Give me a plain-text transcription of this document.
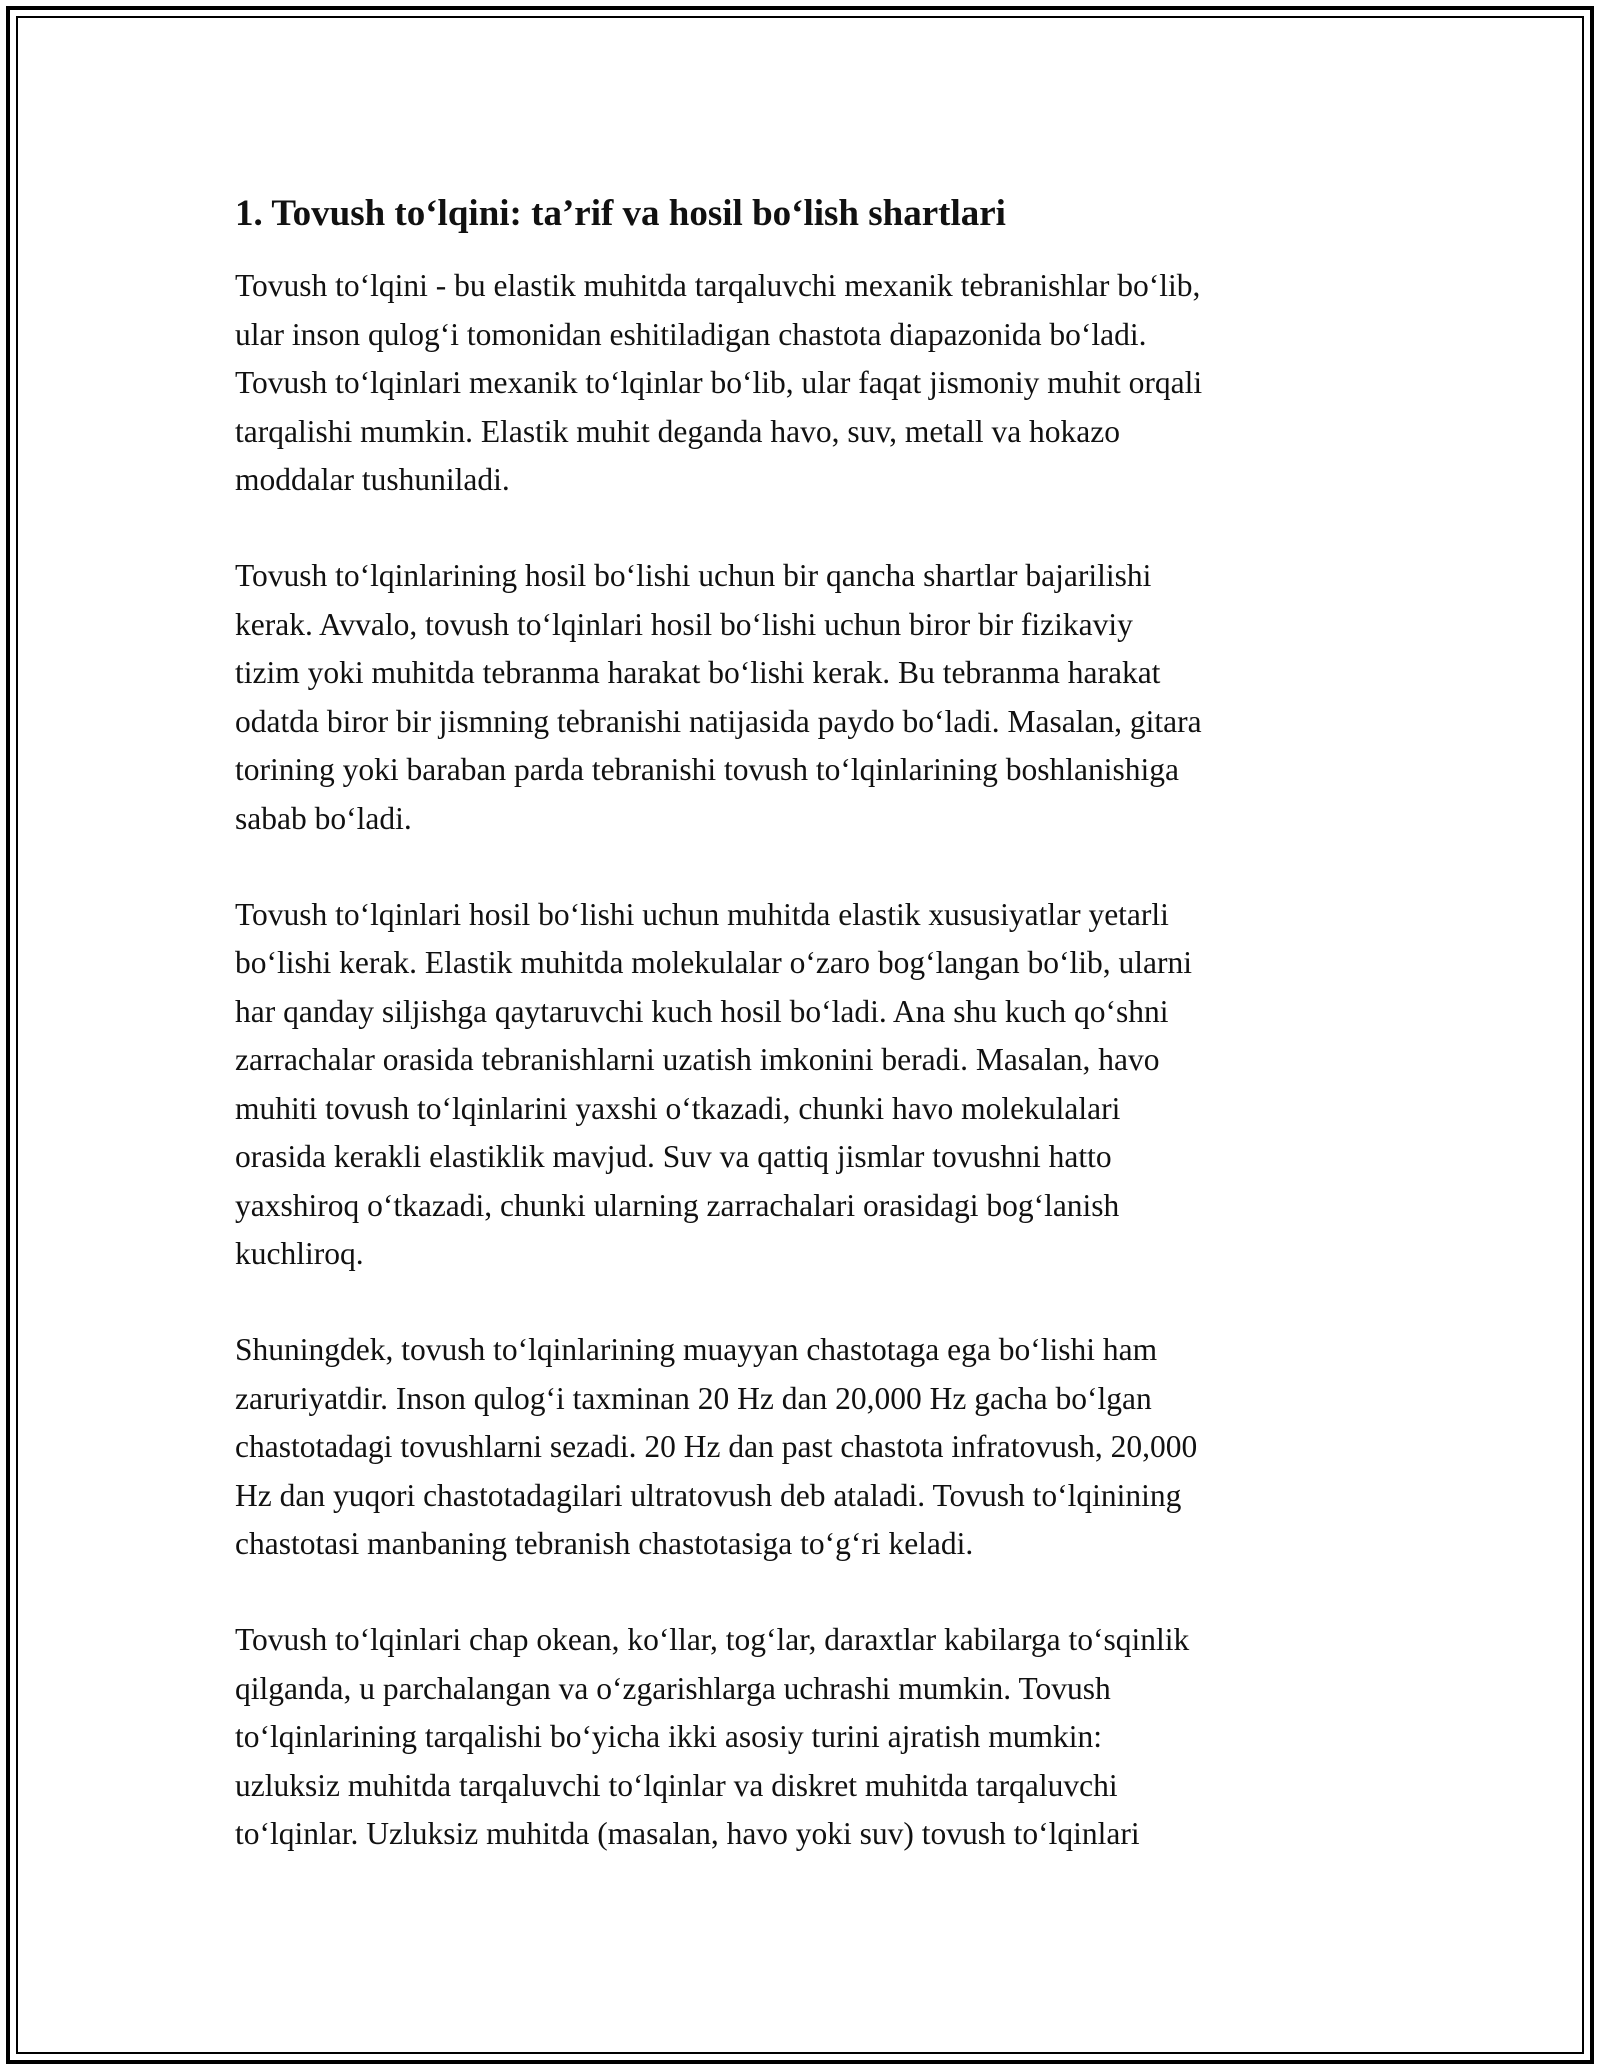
1. Tovush to‘lqini: ta’rif va hosil bo‘lish shartlari

Tovush to‘lqini - bu elastik muhitda tarqaluvchi mexanik tebranishlar bo‘lib,
ular inson qulog‘i tomonidan eshitiladigan chastota diapazonida bo‘ladi.
Tovush to‘lqinlari mexanik to‘lqinlar bo‘lib, ular faqat jismoniy muhit orqali
tarqalishi mumkin. Elastik muhit deganda havo, suv, metall va hokazo
moddalar tushuniladi.

Tovush to‘lqinlarining hosil bo‘lishi uchun bir qancha shartlar bajarilishi
kerak. Avvalo, tovush to‘lqinlari hosil bo‘lishi uchun biror bir fizikaviy
tizim yoki muhitda tebranma harakat bo‘lishi kerak. Bu tebranma harakat
odatda biror bir jismning tebranishi natijasida paydo bo‘ladi. Masalan, gitara
torining yoki baraban parda tebranishi tovush to‘lqinlarining boshlanishiga
sabab bo‘ladi.

Tovush to‘lqinlari hosil bo‘lishi uchun muhitda elastik xususiyatlar yetarli
bo‘lishi kerak. Elastik muhitda molekulalar o‘zaro bog‘langan bo‘lib, ularni
har qanday siljishga qaytaruvchi kuch hosil bo‘ladi. Ana shu kuch qo‘shni
zarrachalar orasida tebranishlarni uzatish imkonini beradi. Masalan, havo
muhiti tovush to‘lqinlarini yaxshi o‘tkazadi, chunki havo molekulalari
orasida kerakli elastiklik mavjud. Suv va qattiq jismlar tovushni hatto
yaxshiroq o‘tkazadi, chunki ularning zarrachalari orasidagi bog‘lanish
kuchliroq.

Shuningdek, tovush to‘lqinlarining muayyan chastotaga ega bo‘lishi ham
zaruriyatdir. Inson qulog‘i taxminan 20 Hz dan 20,000 Hz gacha bo‘lgan
chastotadagi tovushlarni sezadi. 20 Hz dan past chastota infratovush, 20,000
Hz dan yuqori chastotadagilari ultratovush deb ataladi. Tovush to‘lqinining
chastotasi manbaning tebranish chastotasiga to‘g‘ri keladi.

Tovush to‘lqinlari chap okean, ko‘llar, tog‘lar, daraxtlar kabilarga to‘sqinlik
qilganda, u parchalangan va o‘zgarishlarga uchrashi mumkin. Tovush
to‘lqinlarining tarqalishi bo‘yicha ikki asosiy turini ajratish mumkin:
uzluksiz muhitda tarqaluvchi to‘lqinlar va diskret muhitda tarqaluvchi
to‘lqinlar. Uzluksiz muhitda (masalan, havo yoki suv) tovush to‘lqinlari
